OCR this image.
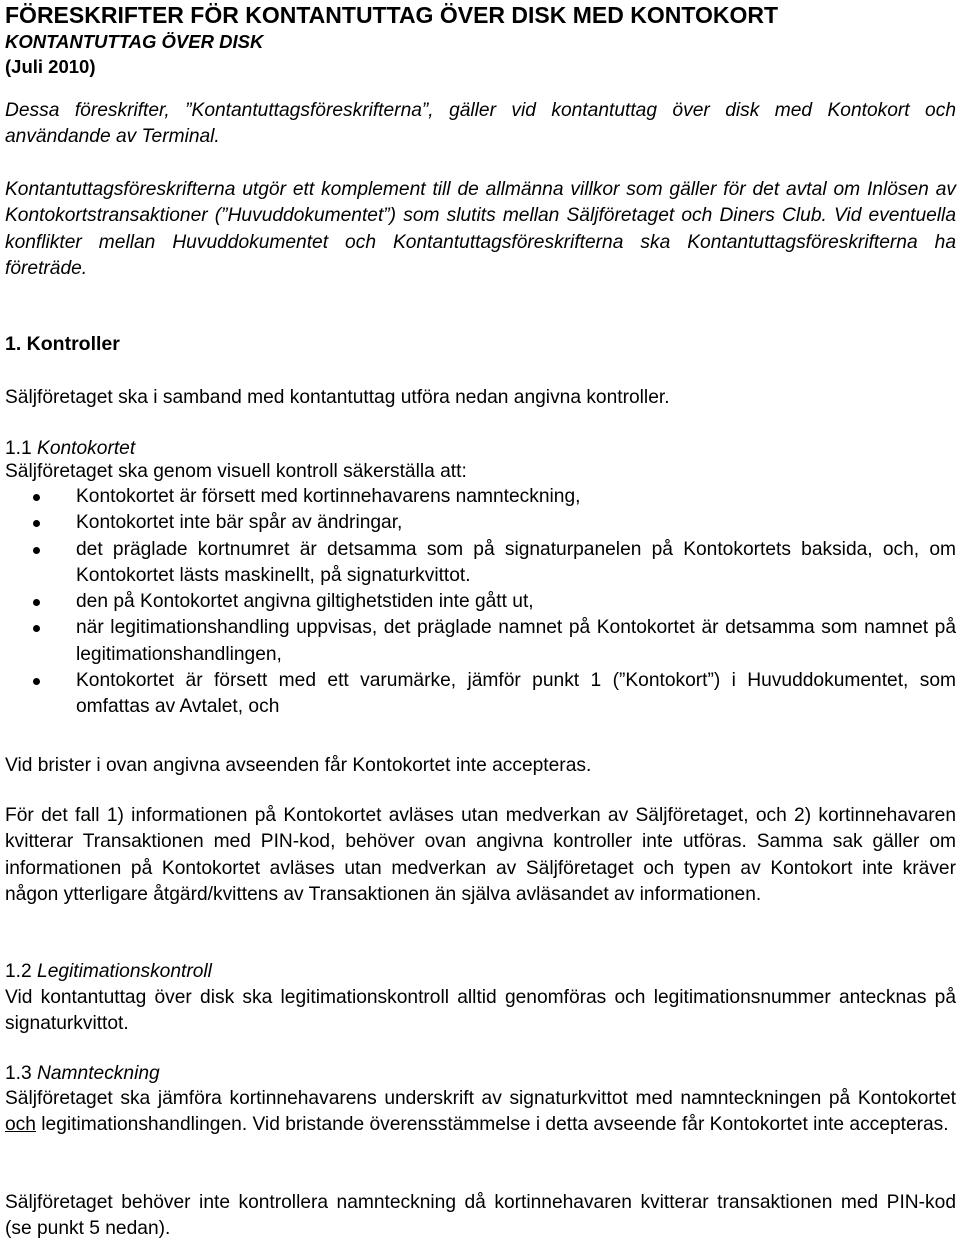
FÖRESKRIFTER FÖR KONTANTUTTAG ÖVER DISK MED KONTOKORT
KONTANTUTTAG ÖVER DISK
(Juli 2010)

Dessa föreskrifter, ”Kontantuttagsföreskrifterna”, gäller vid kontantuttag över disk med Kontokort och användande av Terminal.

Kontantuttagsföreskrifterna utgör ett komplement till de allmänna villkor som gäller för det avtal om Inlösen av Kontokortstransaktioner (”Huvuddokumentet”) som slutits mellan Säljföretaget och Diners Club. Vid eventuella konflikter mellan Huvuddokumentet och Kontantuttagsföreskrifterna ska Kontantuttagsföreskrifterna ha företräde.

1. Kontroller

Säljföretaget ska i samband med kontantuttag utföra nedan angivna kontroller.

1.1 Kontokortet

Säljföretaget ska genom visuell kontroll säkerställa att:

Kontokortet är försett med kortinnehavarens namnteckning,
Kontokortet inte bär spår av ändringar,
det präglade kortnumret är detsamma som på signaturpanelen på Kontokortets baksida, och, om Kontokortet lästs maskinellt, på signaturkvittot.
den på Kontokortet angivna giltighetstiden inte gått ut,
när legitimationshandling uppvisas, det präglade namnet på Kontokortet är detsamma som namnet på legitimationshandlingen,
Kontokortet är försett med ett varumärke, jämför punkt 1 (”Kontokort”) i Huvuddokumentet, som omfattas av Avtalet, och

Vid brister i ovan angivna avseenden får Kontokortet inte accepteras.

För det fall 1) informationen på Kontokortet avläses utan medverkan av Säljföretaget, och 2) kortinnehavaren kvitterar Transaktionen med PIN-kod, behöver ovan angivna kontroller inte utföras. Samma sak gäller om informationen på Kontokortet avläses utan medverkan av Säljföretaget och typen av Kontokort inte kräver någon ytterligare åtgärd/kvittens av Transaktionen än själva avläsandet av informationen.

1.2 Legitimationskontroll

Vid kontantuttag över disk ska legitimationskontroll alltid genomföras och legitimationsnummer antecknas på signaturkvittot.

1.3 Namnteckning

Säljföretaget ska jämföra kortinnehavarens underskrift av signaturkvittot med namnteckningen på Kontokortet och legitimationshandlingen. Vid bristande överensstämmelse i detta avseende får Kontokortet inte accepteras.

Säljföretaget behöver inte kontrollera namnteckning då kortinnehavaren kvitterar transaktionen med PIN-kod (se punkt 5 nedan).
